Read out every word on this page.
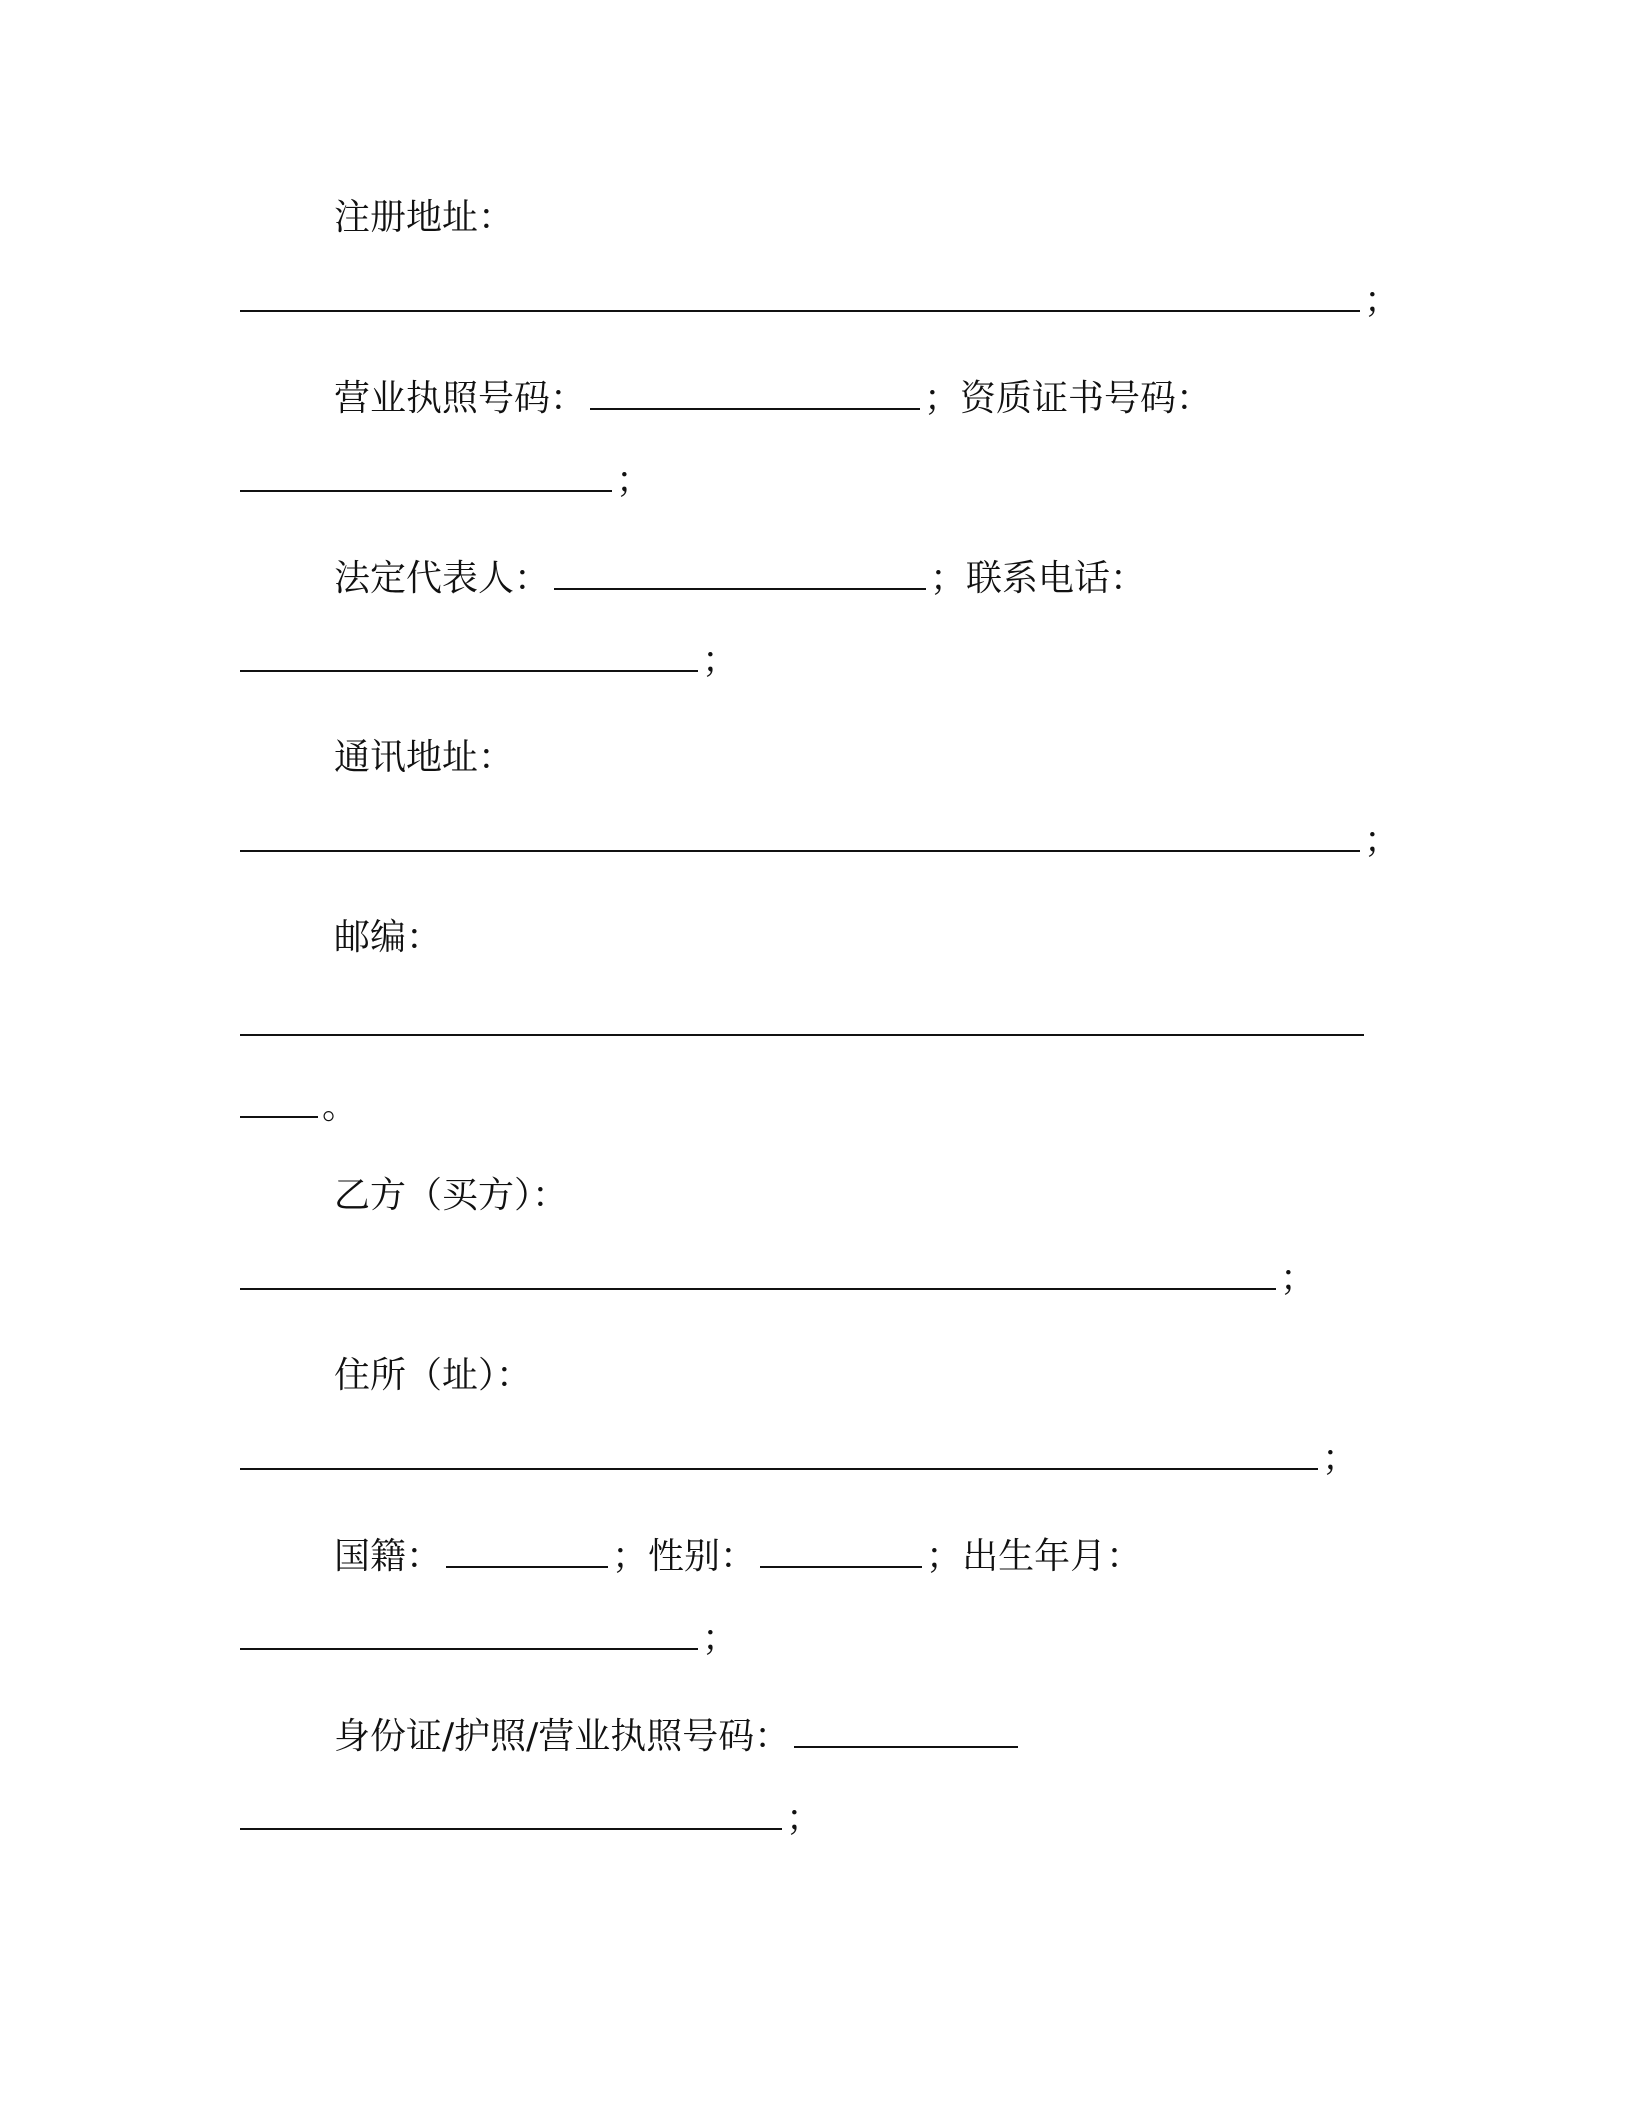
注册地址：
；
营业执照号码：	；资质证书号码：
；
法定代表人：	；联系电话：
；
通讯地址：
；
邮编：
。
乙方（买方）：
；
住所（址）：
；
国籍：	；性别：	；出生年月：
；
身份证/护照/营业执照号码：
；
